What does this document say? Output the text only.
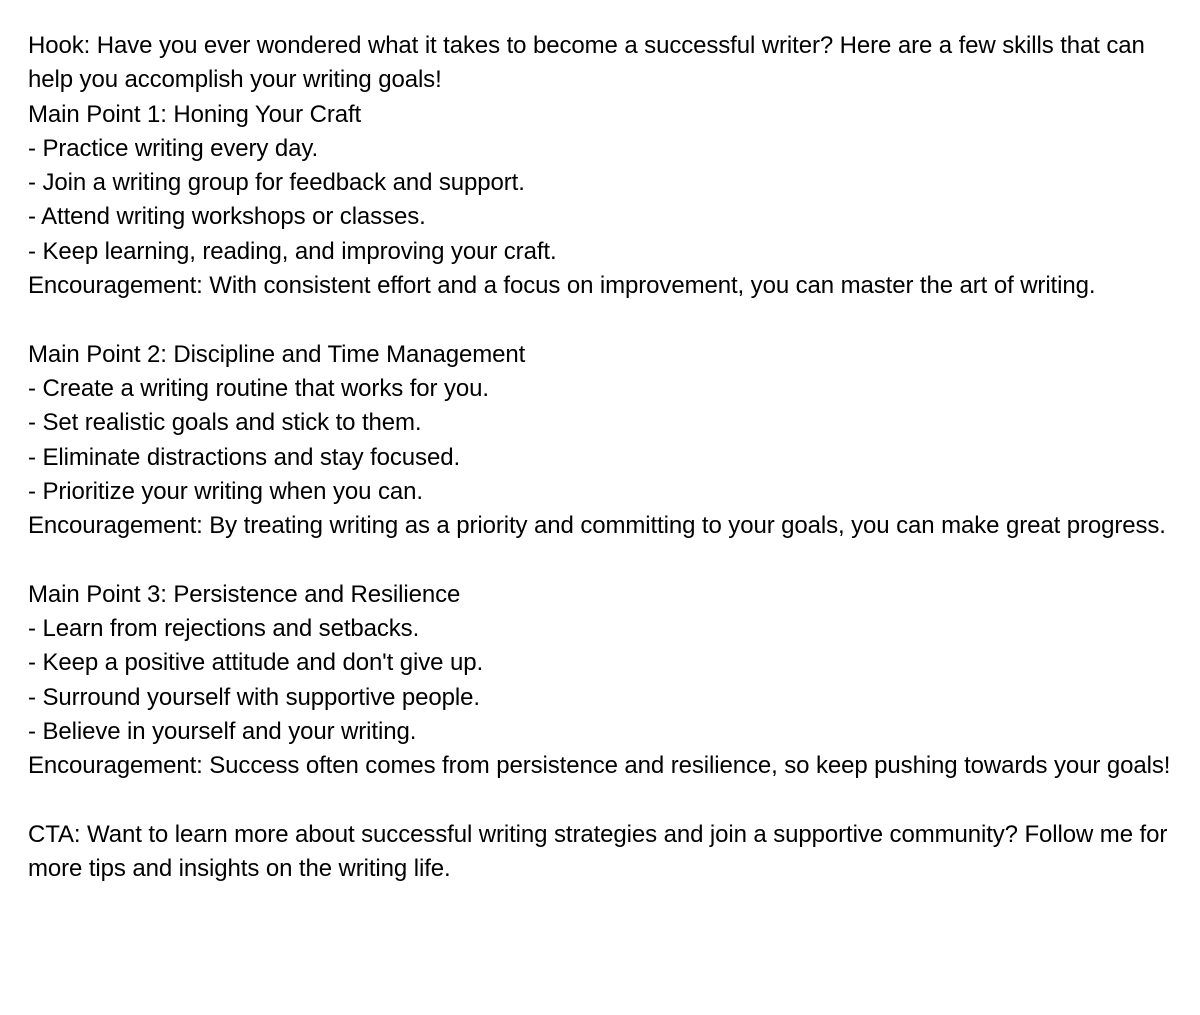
Hook: Have you ever wondered what it takes to become a successful writer? Here are a few skills that can help you accomplish your writing goals!

Main Point 1: Honing Your Craft
- Practice writing every day.
- Join a writing group for feedback and support.
- Attend writing workshops or classes.
- Keep learning, reading, and improving your craft.
Encouragement: With consistent effort and a focus on improvement, you can master the art of writing.
Main Point 2: Discipline and Time Management
- Create a writing routine that works for you.
- Set realistic goals and stick to them.
- Eliminate distractions and stay focused.
- Prioritize your writing when you can.
Encouragement: By treating writing as a priority and committing to your goals, you can make great progress.
Main Point 3: Persistence and Resilience
- Learn from rejections and setbacks.
- Keep a positive attitude and don't give up.
- Surround yourself with supportive people.
- Believe in yourself and your writing.
Encouragement: Success often comes from persistence and resilience, so keep pushing towards your goals!

CTA: Want to learn more about successful writing strategies and join a supportive community? Follow me for more tips and insights on the writing life.
